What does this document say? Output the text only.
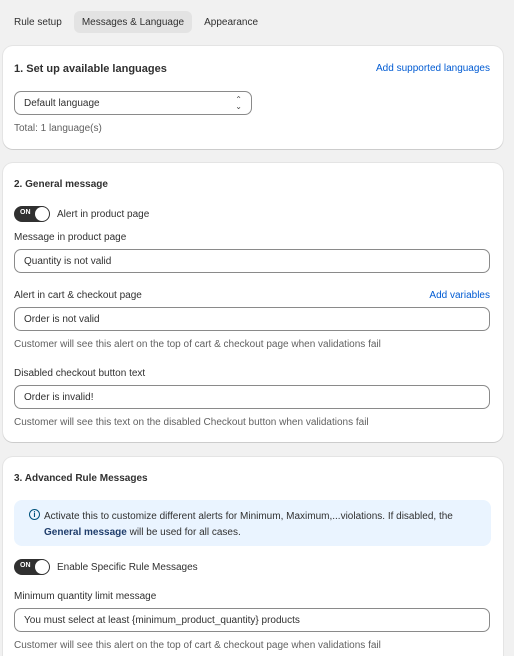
Rule setup	Messages & Language	Appearance
1. Set up available languages	Add supported languages
Default language	⌃
⌄
Total: 1 language(s)
2. General message
ON	Alert in product page
Message in product page
Quantity is not valid
Alert in cart & checkout page	Add variables
Order is not valid
Customer will see this alert on the top of cart & checkout page when validations fail
Disabled checkout button text
Order is invalid!
Customer will see this text on the disabled Checkout button when validations fail
3. Advanced Rule Messages
i Activate this to customize different alerts for Minimum, Maximum,...violations. If disabled, the
General message will be used for all cases.
ON	Enable Specific Rule Messages
Minimum quantity limit message
You must select at least {minimum_product_quantity} products
Customer will see this alert on the top of cart & checkout page when validations fail
